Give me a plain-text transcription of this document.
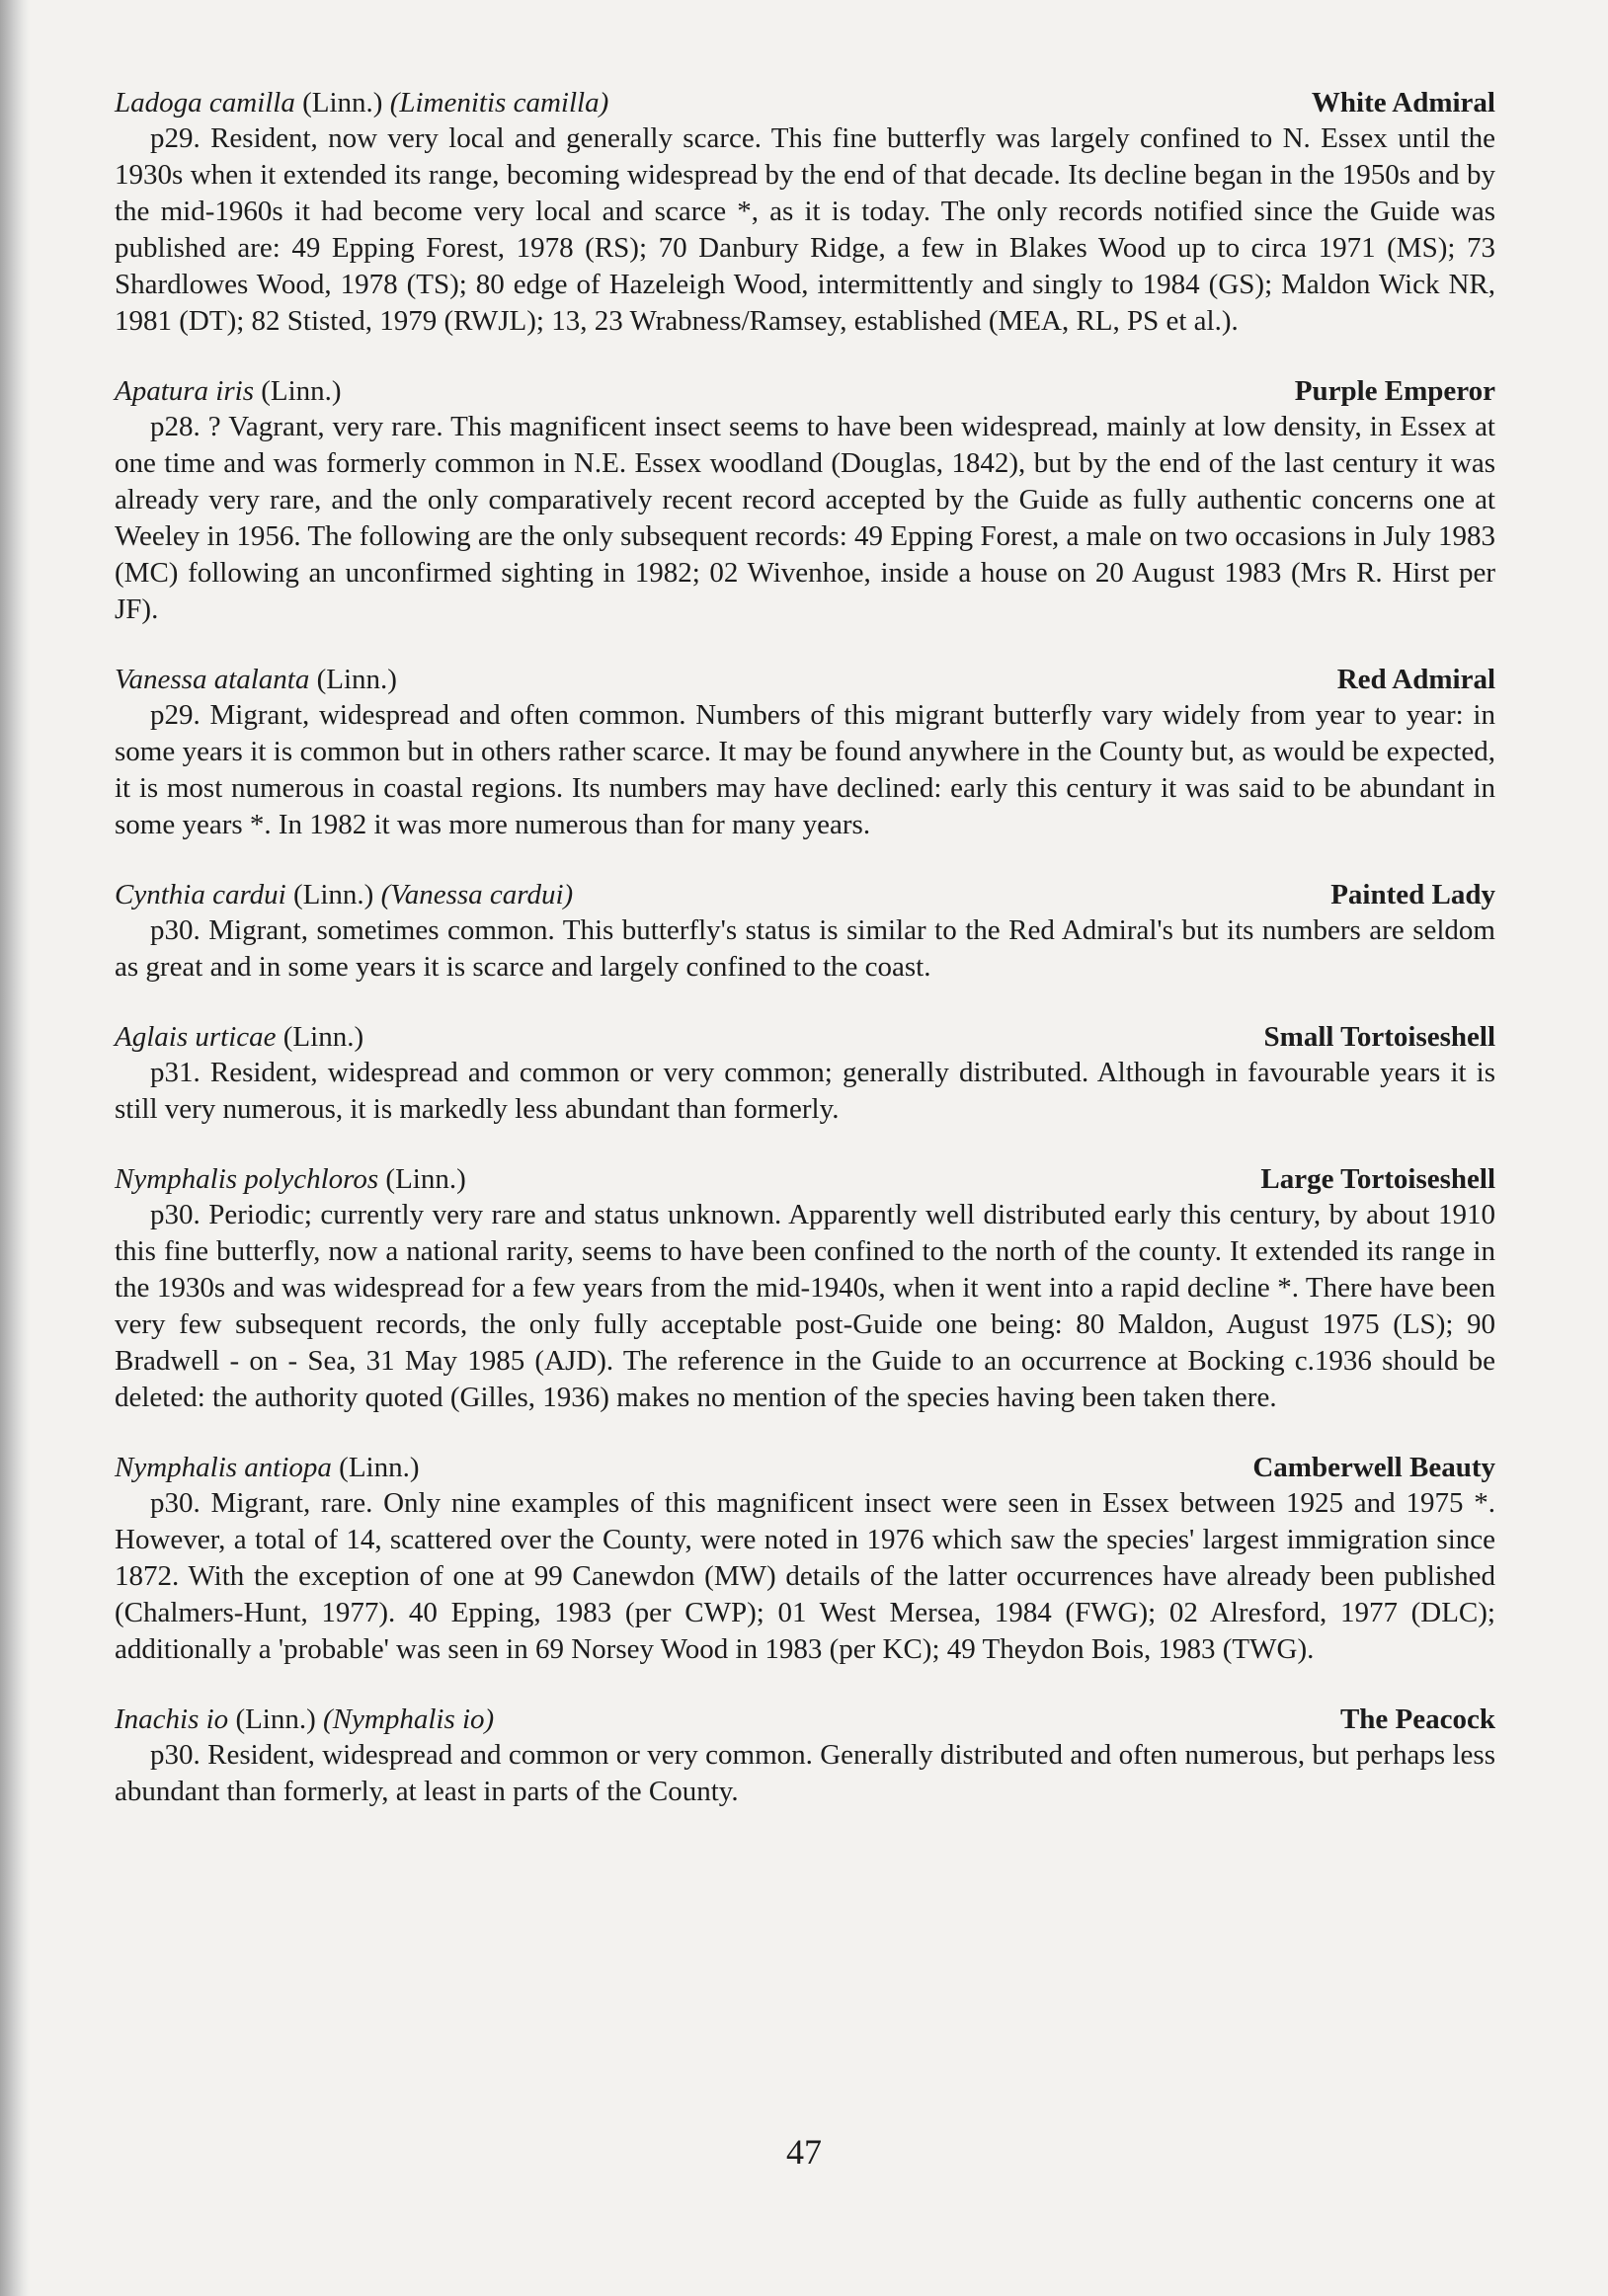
Ladoga camilla (Linn.) (Limenitis camilla)	White Admiral

p29. Resident, now very local and generally scarce. This fine butterfly was largely confined to N. Essex until the 1930s when it extended its range, becoming widespread by the end of that decade. Its decline began in the 1950s and by the mid-1960s it had become very local and scarce *, as it is today. The only records notified since the Guide was published are: 49 Epping Forest, 1978 (RS); 70 Danbury Ridge, a few in Blakes Wood up to circa 1971 (MS); 73 Shardlowes Wood, 1978 (TS); 80 edge of Hazeleigh Wood, intermittently and singly to 1984 (GS); Maldon Wick NR, 1981 (DT); 82 Stisted, 1979 (RWJL); 13, 23 Wrabness/Ramsey, established (MEA, RL, PS et al.).

Apatura iris (Linn.)	Purple Emperor

p28. ? Vagrant, very rare. This magnificent insect seems to have been widespread, mainly at low density, in Essex at one time and was formerly common in N.E. Essex woodland (Douglas, 1842), but by the end of the last century it was already very rare, and the only comparatively recent record accepted by the Guide as fully authentic concerns one at Weeley in 1956. The following are the only subsequent records: 49 Epping Forest, a male on two occasions in July 1983 (MC) following an unconfirmed sighting in 1982; 02 Wivenhoe, inside a house on 20 August 1983 (Mrs R. Hirst per JF).

Vanessa atalanta (Linn.)	Red Admiral

p29. Migrant, widespread and often common. Numbers of this migrant butterfly vary widely from year to year: in some years it is common but in others rather scarce. It may be found anywhere in the County but, as would be expected, it is most numerous in coastal regions. Its numbers may have declined: early this century it was said to be abundant in some years *. In 1982 it was more numerous than for many years.

Cynthia cardui (Linn.) (Vanessa cardui)	Painted Lady

p30. Migrant, sometimes common. This butterfly's status is similar to the Red Admiral's but its numbers are seldom as great and in some years it is scarce and largely confined to the coast.

Aglais urticae (Linn.)	Small Tortoiseshell

p31. Resident, widespread and common or very common; generally distributed. Although in favourable years it is still very numerous, it is markedly less abundant than formerly.

Nymphalis polychloros (Linn.)	Large Tortoiseshell

p30. Periodic; currently very rare and status unknown. Apparently well distributed early this century, by about 1910 this fine butterfly, now a national rarity, seems to have been confined to the north of the county. It extended its range in the 1930s and was widespread for a few years from the mid-1940s, when it went into a rapid decline *. There have been very few subsequent records, the only fully acceptable post-Guide one being: 80 Maldon, August 1975 (LS); 90 Bradwell - on - Sea, 31 May 1985 (AJD). The reference in the Guide to an occurrence at Bocking c.1936 should be deleted: the authority quoted (Gilles, 1936) makes no mention of the species having been taken there.

Nymphalis antiopa (Linn.)	Camberwell Beauty

p30. Migrant, rare. Only nine examples of this magnificent insect were seen in Essex between 1925 and 1975 *. However, a total of 14, scattered over the County, were noted in 1976 which saw the species' largest immigration since 1872. With the exception of one at 99 Canewdon (MW) details of the latter occurrences have already been published (Chalmers-Hunt, 1977). 40 Epping, 1983 (per CWP); 01 West Mersea, 1984 (FWG); 02 Alresford, 1977 (DLC); additionally a 'probable' was seen in 69 Norsey Wood in 1983 (per KC); 49 Theydon Bois, 1983 (TWG).

Inachis io (Linn.) (Nymphalis io)	The Peacock

p30. Resident, widespread and common or very common. Generally distributed and often numerous, but perhaps less abundant than formerly, at least in parts of the County.

47
